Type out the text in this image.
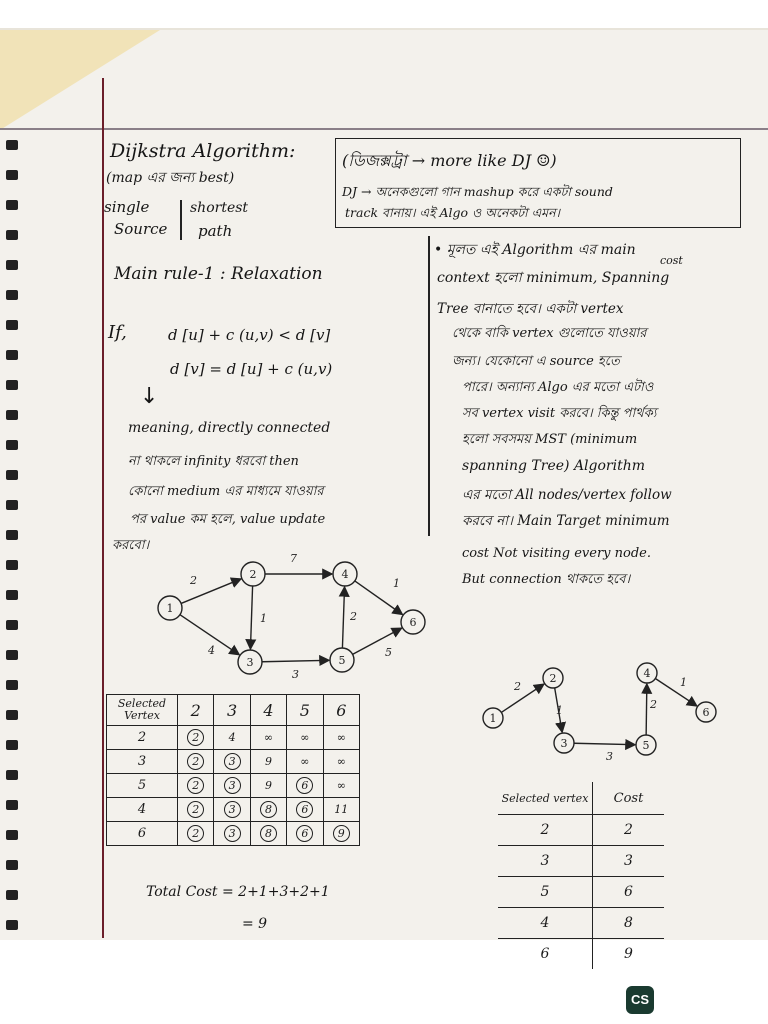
Dijkstra Algorithm:
(map এর জন্য best)
single
Source
shortest
path
(ডিজক্সট্রা → more like DJ ☺)
DJ → অনেকগুলো গান mashup করে একটা sound
track বানায়। এই Algo ও অনেকটা এমন।
Main rule-1 : Relaxation
If,	d [u] + c (u,v) < d [v]
d [v] = d [u] + c (u,v)
↓
meaning, directly connected
না থাকলে infinity ধরবো then
কোনো medium এর মাধ্যমে যাওয়ার
পর value কম হলে, value update
করবো।
cost
• মূলত এই Algorithm এর main
context হলো minimum, Spanning
Tree বানাতে হবে। একটা vertex
থেকে বাকি vertex গুলোতে যাওয়ার
জন্য। যেকোনো এ source হতে
পারে। অন্যান্য Algo এর মতো এটাও
সব vertex visit করবে। কিন্তু পার্থক্য
হলো সবসময় MST (minimum
spanning Tree) Algorithm
এর মতো All nodes/vertex follow
করবে না। Main Target minimum
cost Not visiting every node.
But connection থাকতে হবে।
2
4
1
7
3
2
1
5
1
2
3
4
5
6
2
1
3
2
1
1
2
3
4
5
6
Selected Vertex	2	3	4	5	6
2	2	4	∞	∞	∞
3	2	3	9	∞	∞
5	2	3	9	6	∞
4	2	3	8	6	11
6	2	3	8	6	9
Total Cost = 2+1+3+2+1
= 9
Selected vertex	Cost
2	2
3	3
5	6
4	8
6	9
CS
